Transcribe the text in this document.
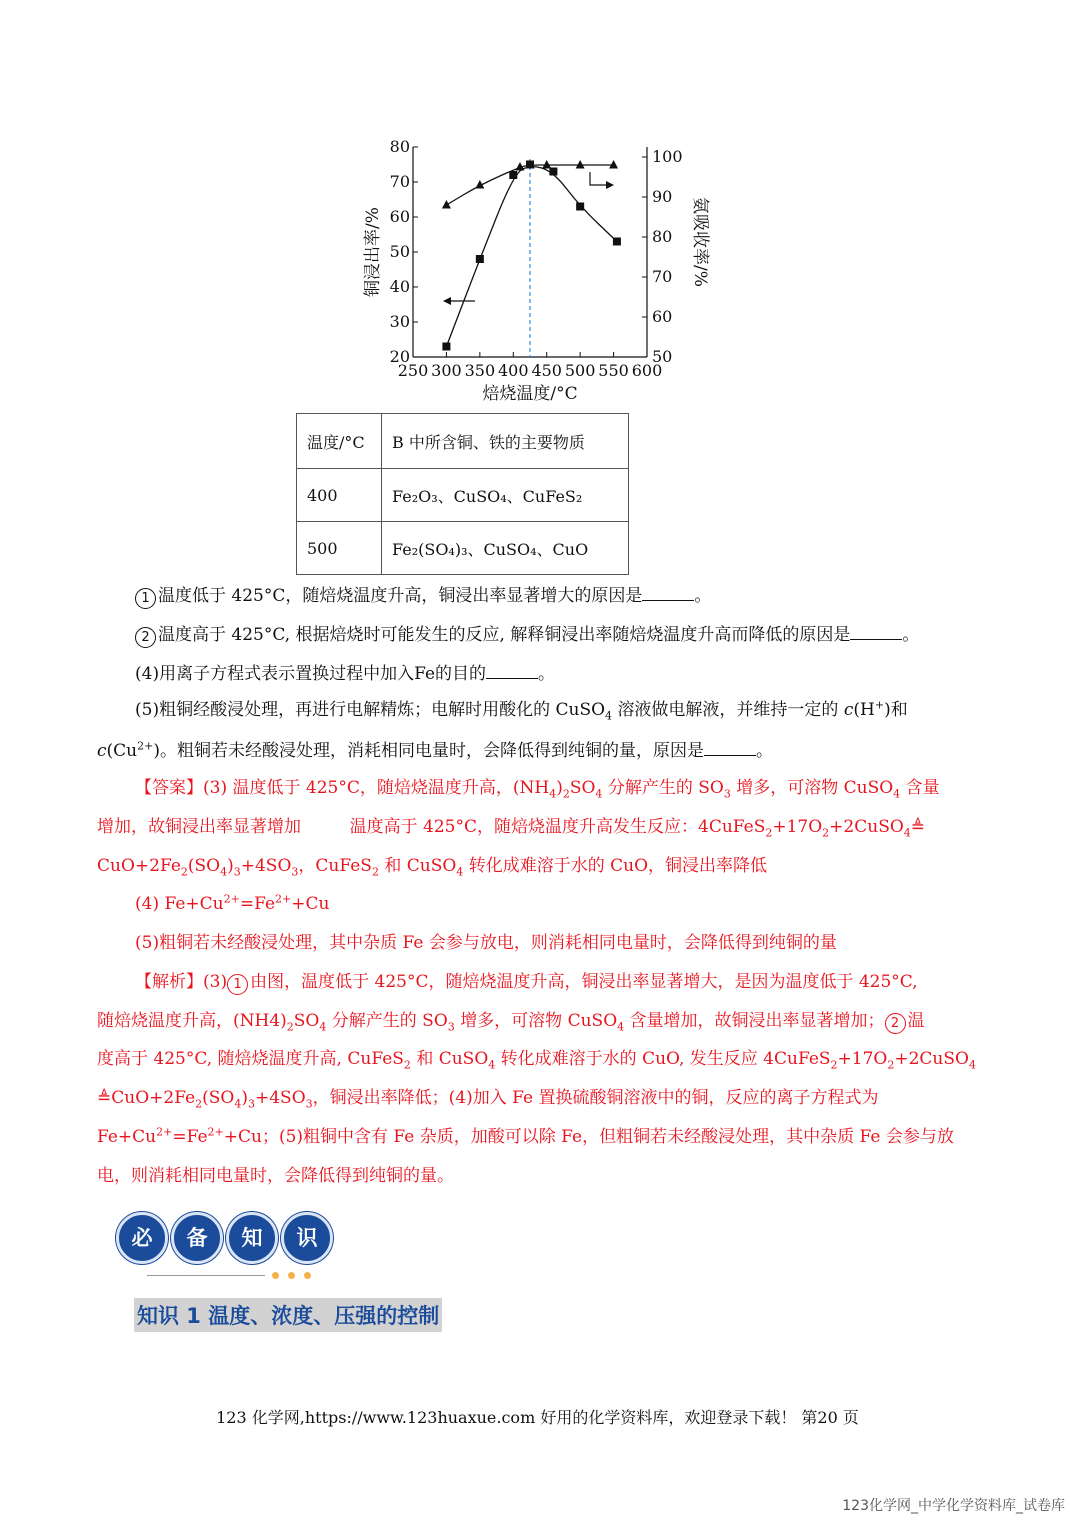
250 300 350 400 450 500 550 600
20
30
40
50
60
70
80
50
60
70
80
90
100
焙烧温度/°C
铜浸出率/%	氨吸收率/%
温度/°C	B 中所含铜、铁的主要物质
400	Fe₂O₃、CuSO₄、CuFeS₂
500	Fe₂(SO₄)₃、CuSO₄、CuO
1 温度低于 425°C，随焙烧温度升高，铜浸出率显著增大的原因是	。
2 温度高于 425°C, 根据焙烧时可能发生的反应, 解释铜浸出率随焙烧温度升高而降低的原因是	。
(4)用离子方程式表示置换过程中加入Fe的目的	。
(5)粗铜经酸浸处理，再进行电解精炼；电解时用酸化的 CuSO$_4$ 溶液做电解液，并维持一定的 c(H+)和
$c(Cu^{2+})$。粗铜若未经酸浸处理，消耗相同电量时，会降低得到纯铜的量，原因是	。
【答案】(3) 温度低于 425°C，随焙烧温度升高，$(NH_4)_2SO_4$ 分解产生的 $SO_3$ 增多，可溶物 CuSO$_4$ 含量
增加，故铜浸出率显著增加	温度高于 425°C，随焙烧温度升高发生反应：$4CuFeS_2+17O_2+2CuSO_4≜$
$CuO+2Fe_2(SO_4)_3+4SO_3$，CuFeS$_2$ 和 CuSO$_4$ 转化成难溶于水的 CuO，铜浸出率降低
(4) $Fe+Cu^{2+}=Fe^{2+}+Cu$
(5)粗铜若未经酸浸处理，其中杂质 Fe 会参与放电，则消耗相同电量时，会降低得到纯铜的量
【解析】(3) 1 由图，温度低于 425°C，随焙烧温度升高，铜浸出率显著增大，是因为温度低于 425°C,
随焙烧温度升高，$(NH4)_2SO_4$ 分解产生的 $SO_3$ 增多，可溶物 CuSO$_4$ 含量增加，故铜浸出率显著增加； 2 温
度高于 425°C, 随焙烧温度升高, CuFeS$_2$ 和 CuSO$_4$ 转化成难溶于水的 CuO, 发生反应 $4CuFeS_2+17O_2+2CuSO_4$
$≜CuO+2Fe_2(SO_4)_3+4SO_3$，铜浸出率降低；(4)加入 Fe 置换硫酸铜溶液中的铜，反应的离子方程式为
$Fe+Cu^{2+}=Fe^{2+}+Cu$；(5)粗铜中含有 Fe 杂质，加酸可以除 Fe，但粗铜若未经酸浸处理，其中杂质 Fe 会参与放
电，则消耗相同电量时，会降低得到纯铜的量。
必	备	知	识
知识 1 温度、浓度、压强的控制
123 化学网,https://www.123huaxue.com 好用的化学资料库，欢迎登录下载！ 第20 页
123化学网_中学化学资料库_试卷库
